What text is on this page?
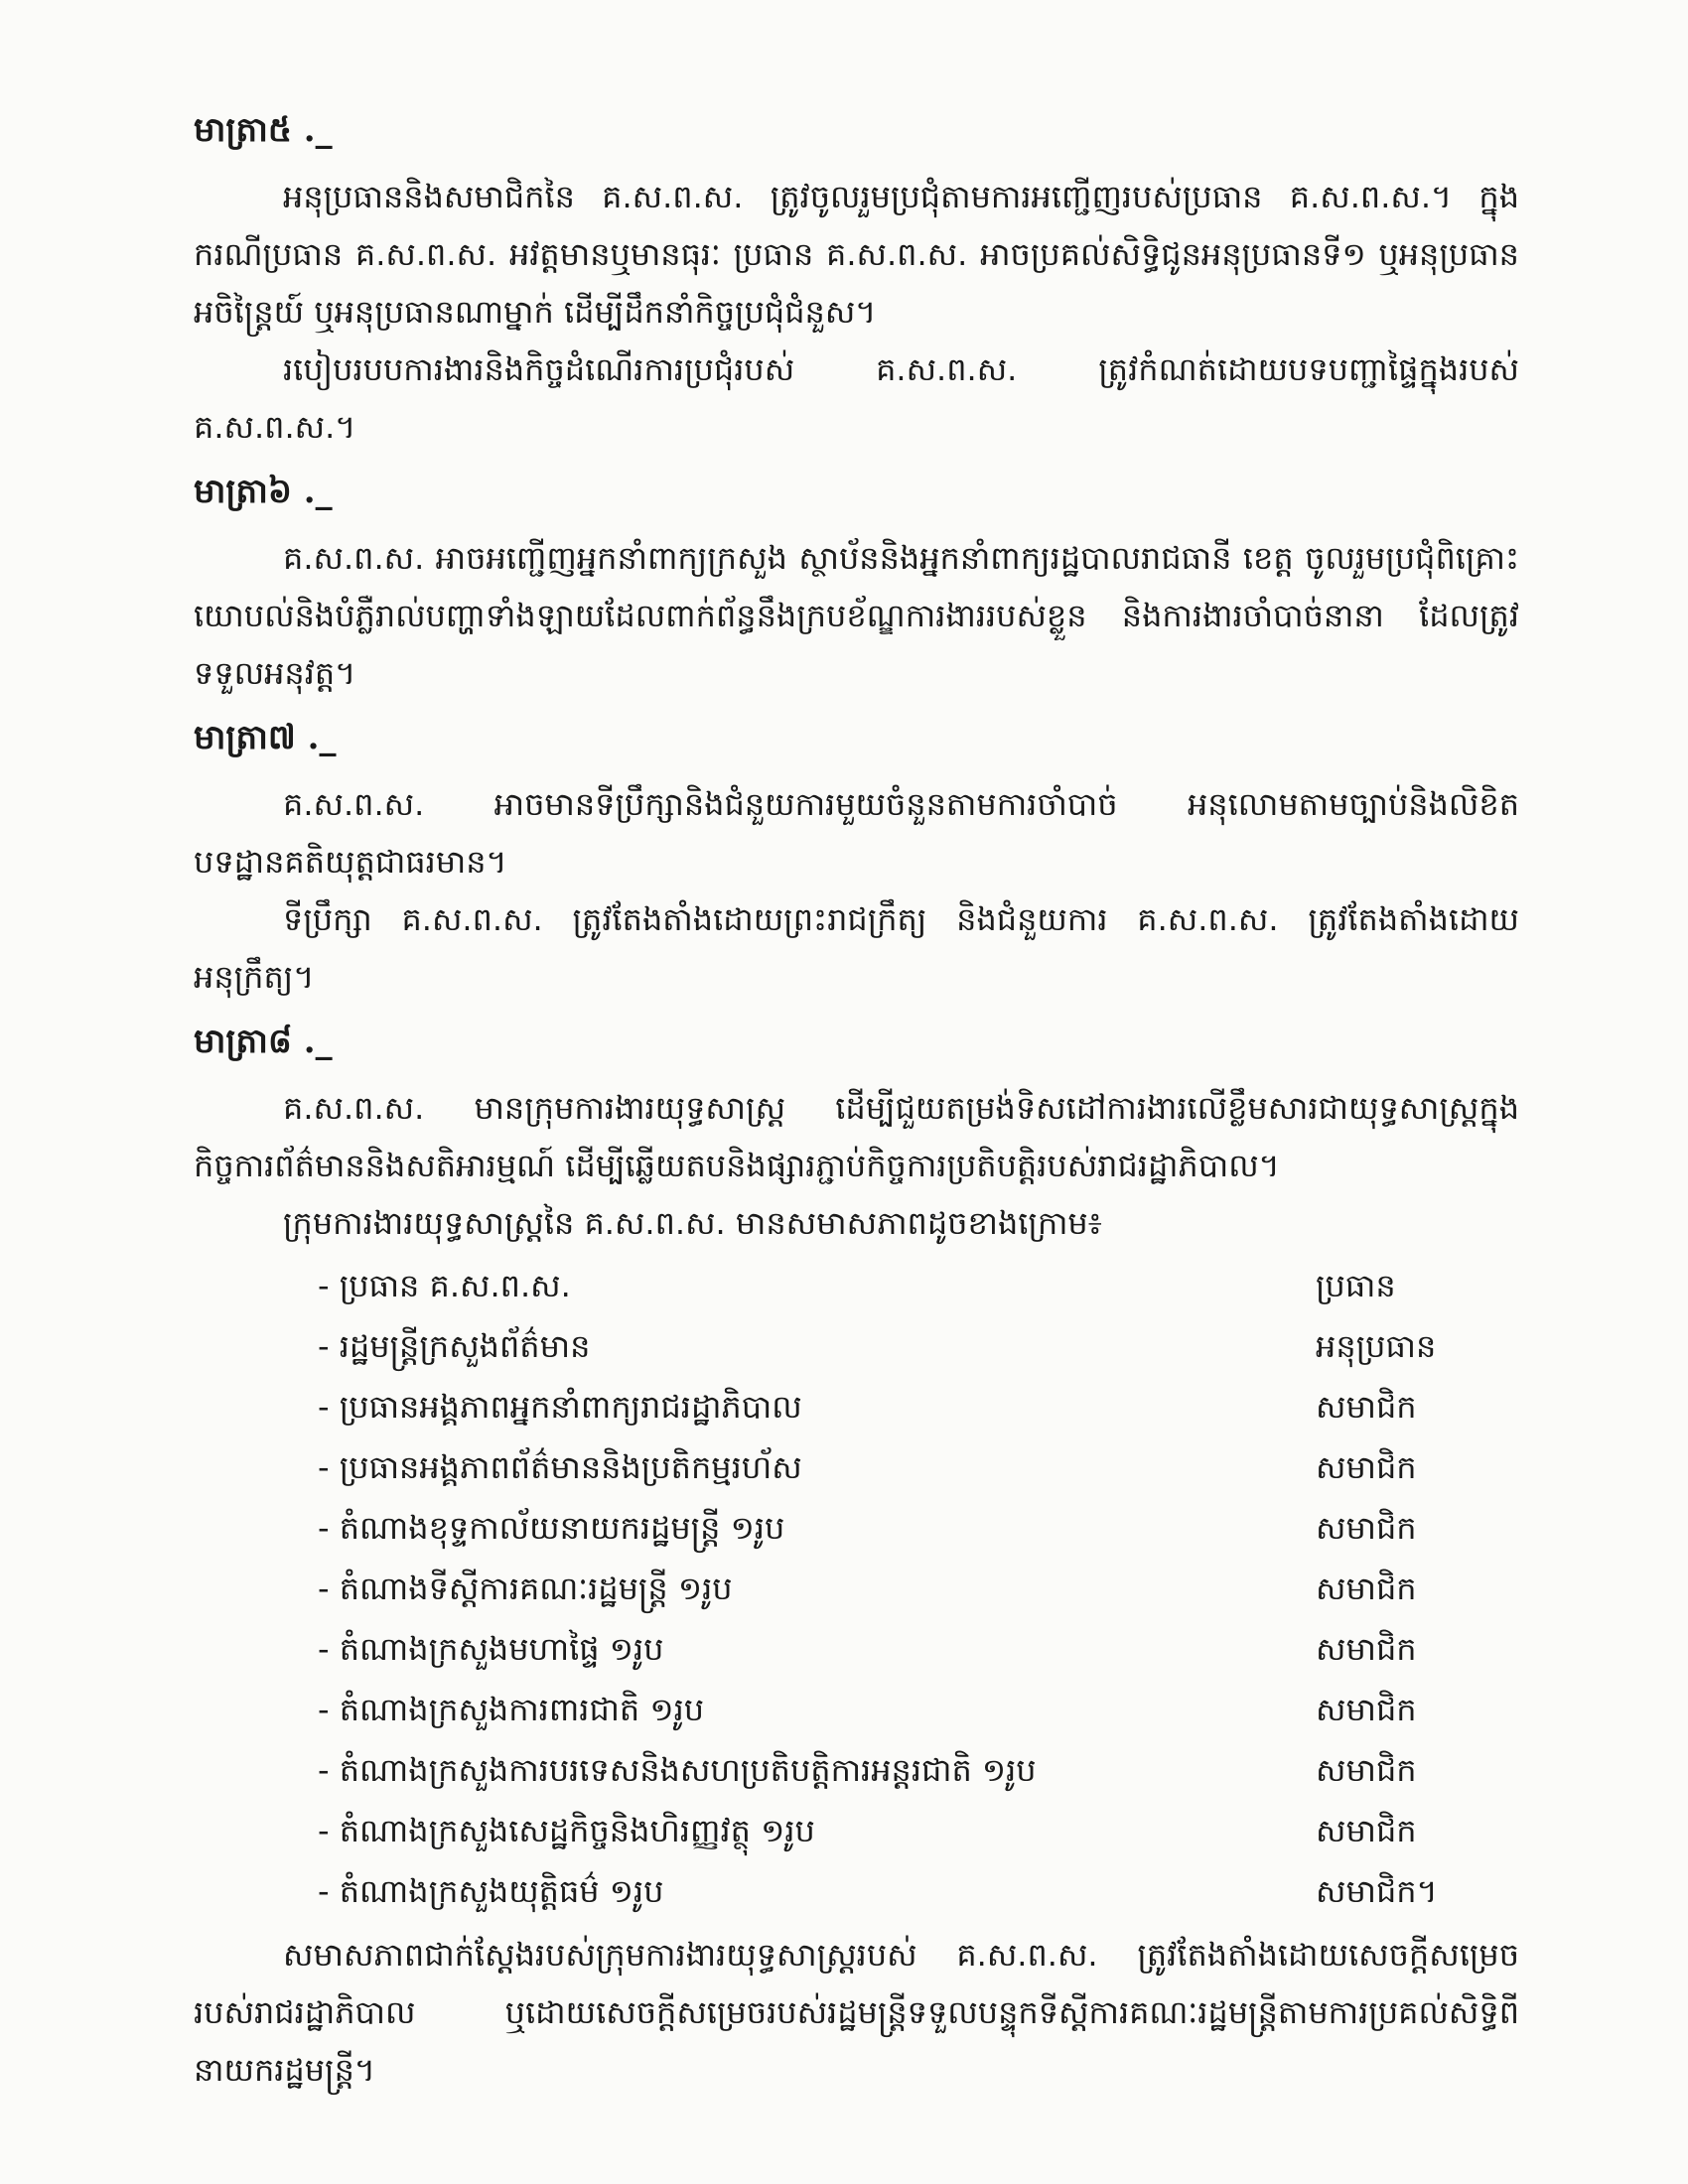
មាត្រា៥ ._

អនុប្រធាននិងសមាជិកនៃ គ.ស.ព.ស. ត្រូវចូលរួមប្រជុំតាមការអញ្ជើញរបស់ប្រធាន គ.ស.ព.ស.។ ក្នុងករណីប្រធាន គ.ស.ព.ស. អវត្តមានឬមានធុរៈ ប្រធាន គ.ស.ព.ស. អាចប្រគល់សិទ្ធិជូនអនុប្រធានទី១ ឬអនុប្រធានអចិន្ត្រៃយ៍ ឬអនុប្រធានណាម្នាក់ ដើម្បីដឹកនាំកិច្ចប្រជុំជំនួស។

របៀបរបបការងារនិងកិច្ចដំណើរការប្រជុំរបស់ គ.ស.ព.ស. ត្រូវកំណត់ដោយបទបញ្ជាផ្ទៃក្នុងរបស់ គ.ស.ព.ស.។

មាត្រា៦ ._

គ.ស.ព.ស. អាចអញ្ជើញអ្នកនាំពាក្យក្រសួង ស្ថាប័ននិងអ្នកនាំពាក្យរដ្ឋបាលរាជធានី ខេត្ត ចូលរួមប្រជុំពិគ្រោះយោបល់និងបំភ្លឺរាល់បញ្ហាទាំងឡាយដែលពាក់ព័ន្ធនឹងក្របខ័ណ្ឌការងាររបស់ខ្លួន និងការងារចាំបាច់នានា ដែលត្រូវទទួលអនុវត្ត។

មាត្រា៧ ._

គ.ស.ព.ស. អាចមានទីប្រឹក្សានិងជំនួយការមួយចំនួនតាមការចាំបាច់ អនុលោមតាមច្បាប់និងលិខិតបទដ្ឋានគតិយុត្តជាធរមាន។

ទីប្រឹក្សា គ.ស.ព.ស. ត្រូវតែងតាំងដោយព្រះរាជក្រឹត្យ និងជំនួយការ គ.ស.ព.ស. ត្រូវតែងតាំងដោយអនុក្រឹត្យ។

មាត្រា៨ ._

គ.ស.ព.ស. មានក្រុមការងារយុទ្ធសាស្ត្រ ដើម្បីជួយតម្រង់ទិសដៅការងារលើខ្លឹមសារជាយុទ្ធសាស្ត្រក្នុងកិច្ចការព័ត៌មាននិងសតិអារម្មណ៍ ដើម្បីឆ្លើយតបនិងផ្សារភ្ជាប់កិច្ចការប្រតិបត្តិរបស់រាជរដ្ឋាភិបាល។

ក្រុមការងារយុទ្ធសាស្ត្រនៃ គ.ស.ព.ស. មានសមាសភាពដូចខាងក្រោម៖

- ប្រធាន គ.ស.ព.ស.	ប្រធាន
- រដ្ឋមន្ត្រីក្រសួងព័ត៌មាន	អនុប្រធាន
- ប្រធានអង្គភាពអ្នកនាំពាក្យរាជរដ្ឋាភិបាល	សមាជិក
- ប្រធានអង្គភាពព័ត៌មាននិងប្រតិកម្មរហ័ស	សមាជិក
- តំណាងខុទ្ទកាល័យនាយករដ្ឋមន្ត្រី ១រូប	សមាជិក
- តំណាងទីស្តីការគណៈរដ្ឋមន្ត្រី ១រូប	សមាជិក
- តំណាងក្រសួងមហាផ្ទៃ ១រូប	សមាជិក
- តំណាងក្រសួងការពារជាតិ ១រូប	សមាជិក
- តំណាងក្រសួងការបរទេសនិងសហប្រតិបត្តិការអន្តរជាតិ ១រូប	សមាជិក
- តំណាងក្រសួងសេដ្ឋកិច្ចនិងហិរញ្ញវត្ថុ ១រូប	សមាជិក
- តំណាងក្រសួងយុត្តិធម៌ ១រូប	សមាជិក។

សមាសភាពជាក់ស្តែងរបស់ក្រុមការងារយុទ្ធសាស្ត្ររបស់ គ.ស.ព.ស. ត្រូវតែងតាំងដោយសេចក្តីសម្រេចរបស់រាជរដ្ឋាភិបាល ឬដោយសេចក្តីសម្រេចរបស់រដ្ឋមន្ត្រីទទួលបន្ទុកទីស្តីការគណៈរដ្ឋមន្ត្រីតាមការប្រគល់សិទ្ធិពីនាយករដ្ឋមន្ត្រី។
